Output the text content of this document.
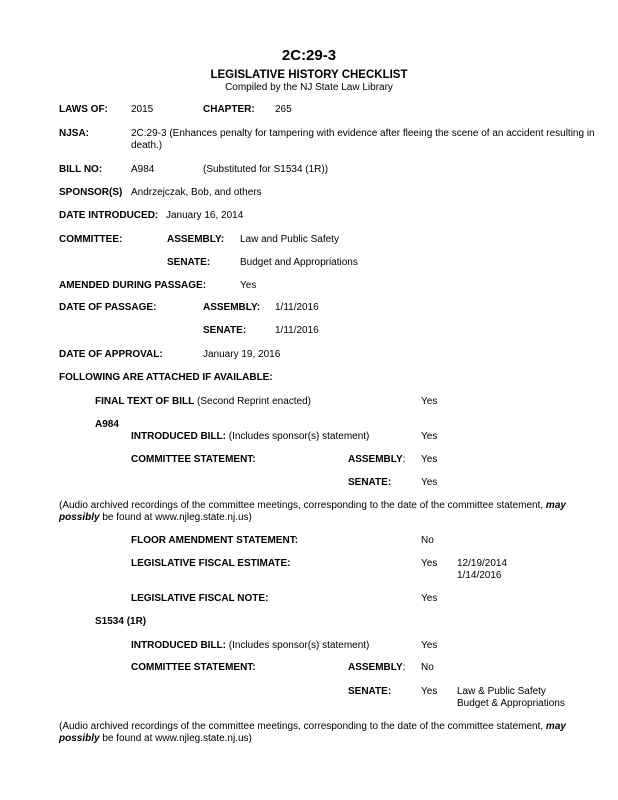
2C:29-3
LEGISLATIVE HISTORY CHECKLIST
Compiled by the NJ State Law Library
LAWS OF: 2015	CHAPTER: 265
NJSA:	2C:29-3 (Enhances penalty for tampering with evidence after fleeing the scene of an accident resulting in death.)
BILL NO:	A984	(Substituted for S1534 (1R))
SPONSOR(S) Andrzejczak, Bob, and others
DATE INTRODUCED: January 16, 2014
COMMITTEE:	ASSEMBLY: Law and Public Safety
SENATE:	Budget and Appropriations
AMENDED DURING PASSAGE:	Yes
DATE OF PASSAGE:	ASSEMBLY: 1/11/2016
SENATE:	1/11/2016
DATE OF APPROVAL:	January 19, 2016
FOLLOWING ARE ATTACHED IF AVAILABLE:
FINAL TEXT OF BILL (Second Reprint enacted)	Yes
A984
INTRODUCED BILL: (Includes sponsor(s) statement)	Yes
COMMITTEE STATEMENT:	ASSEMBLY: Yes
SENATE:	Yes
(Audio archived recordings of the committee meetings, corresponding to the date of the committee statement, may possibly be found at www.njleg.state.nj.us)
FLOOR AMENDMENT STATEMENT:	No
LEGISLATIVE FISCAL ESTIMATE:	Yes 12/19/2014
1/14/2016
LEGISLATIVE FISCAL NOTE:	Yes
S1534 (1R)
INTRODUCED BILL: (Includes sponsor(s) statement)	Yes
COMMITTEE STATEMENT:	ASSEMBLY: No
SENATE:	Yes Law & Public Safety
Budget & Appropriations
(Audio archived recordings of the committee meetings, corresponding to the date of the committee statement, may possibly be found at www.njleg.state.nj.us)
